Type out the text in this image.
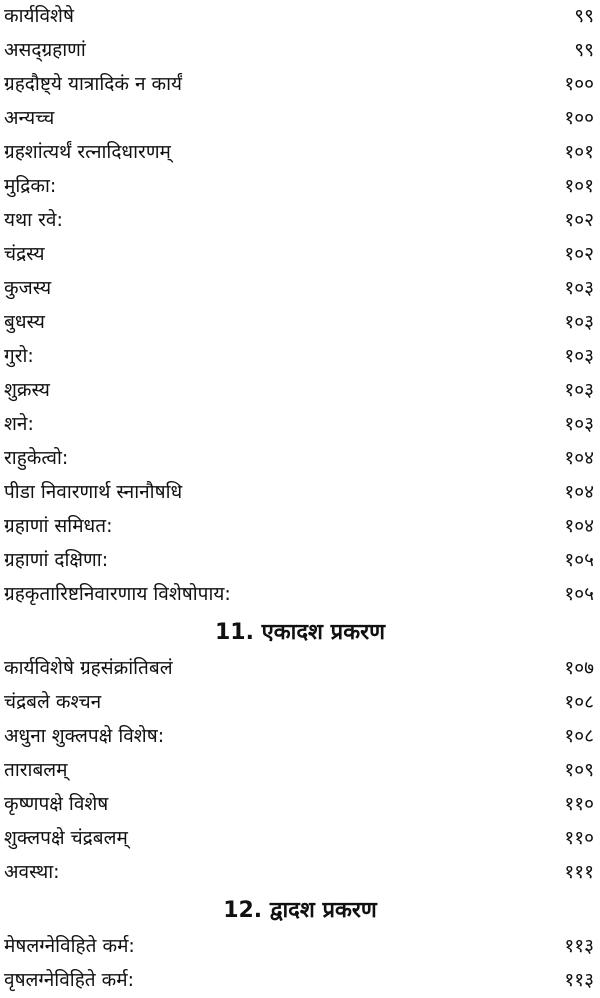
कार्यविशेषे	९९
असद्ग्रहाणां	९९
ग्रहदौष्ट्ये यात्रादिकं न कार्यं	१००
अन्यच्च	१००
ग्रहशांत्यर्थं रत्नादिधारणम्	१०१
मुद्रिका:	१०१
यथा रवे:	१०२
चंद्रस्य	१०२
कुजस्य	१०३
बुधस्य	१०३
गुरो:	१०३
शुक्रस्य	१०३
शने:	१०३
राहुकेत्वो:	१०४
पीडा निवारणार्थ स्नानौषधि	१०४
ग्रहाणां समिधत:	१०४
ग्रहाणां दक्षिणा:	१०५
ग्रहकृतारिष्टनिवारणाय विशेषोपाय:	१०५
11. एकादश प्रकरण
कार्यविशेषे ग्रहसंक्रांतिबलं	१०७
चंद्रबले कश्चन	१०८
अधुना शुक्लपक्षे विशेष:	१०८
ताराबलम्	१०९
कृष्णपक्षे विशेष	११०
शुक्लपक्षे चंद्रबलम्	११०
अवस्था:	१११
12. द्वादश प्रकरण
मेषलग्नेविहिते कर्म:	११३
वृषलग्नेविहिते कर्म:	११३
